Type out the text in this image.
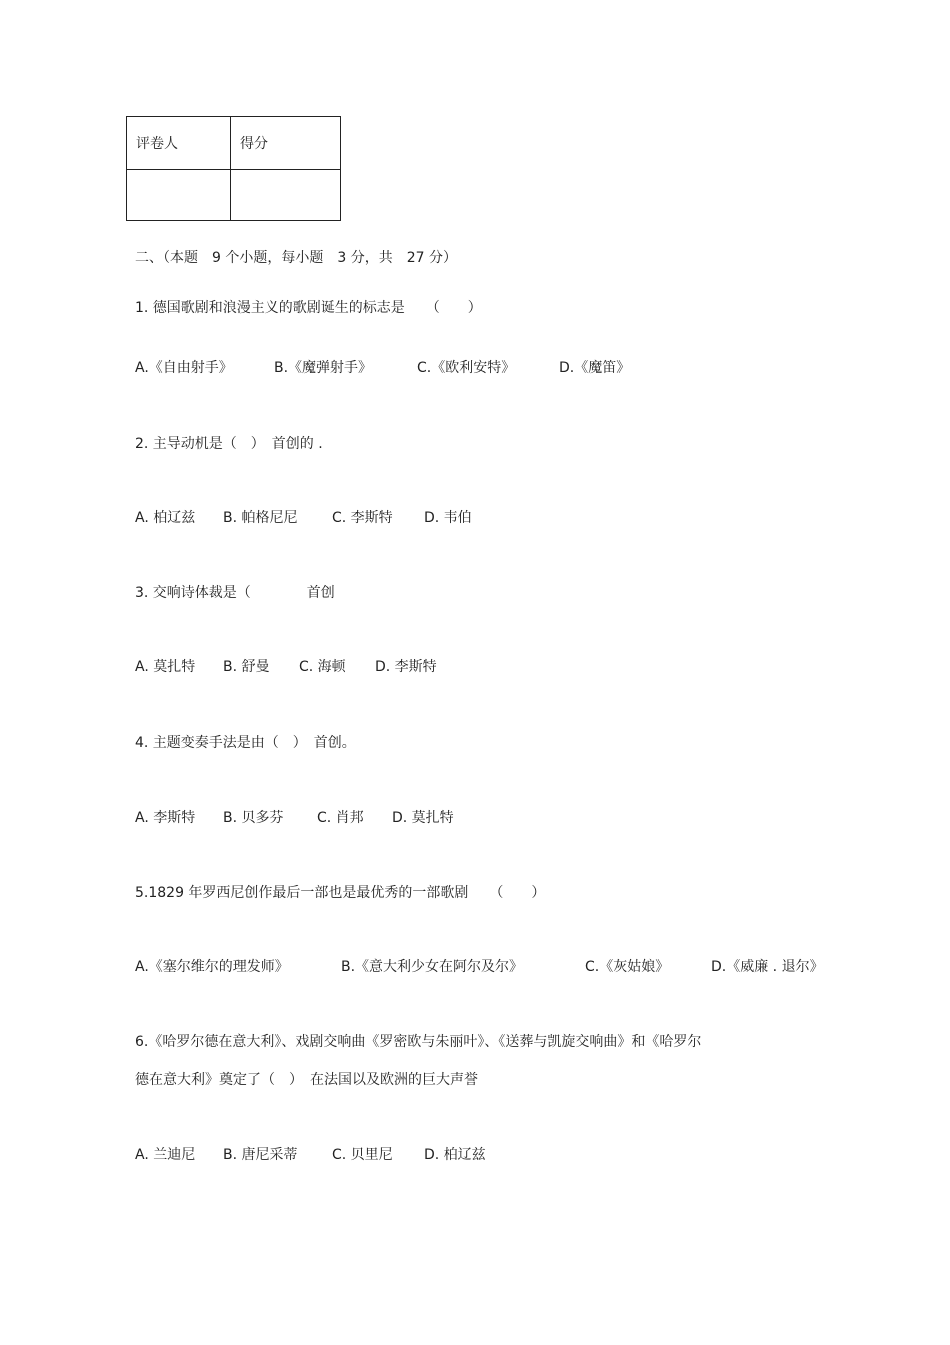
评卷人	得分

二、（本题　9 个小题，每小题　3 分，共　27 分）
1. 德国歌剧和浪漫主义的歌剧诞生的标志是　　（　　）
A.《自由射手》	B.《魔弹射手》	C.《欧利安特》	D.《魔笛》
2. 主导动机是（　）　首创的 .
A. 柏辽兹	B. 帕格尼尼	C. 李斯特	D. 韦伯
3. 交响诗体裁是（　　　　首创
A. 莫扎特	B. 舒曼	C. 海顿	D. 李斯特
4. 主题变奏手法是由（　）　首创。
A. 李斯特	B. 贝多芬	C. 肖邦	D. 莫扎特
5.1829 年罗西尼创作最后一部也是最优秀的一部歌剧　　（　　）
A.《塞尔维尔的理发师》	B.《意大利少女在阿尔及尔》	C.《灰姑娘》	D.《威廉 . 退尔》
6.《哈罗尔德在意大利》、戏剧交响曲《罗密欧与朱丽叶》、《送葬与凯旋交响曲》和《哈罗尔
德在意大利》奠定了（　）　在法国以及欧洲的巨大声誉
A. 兰迪尼	B. 唐尼采蒂	C. 贝里尼	D. 柏辽兹
